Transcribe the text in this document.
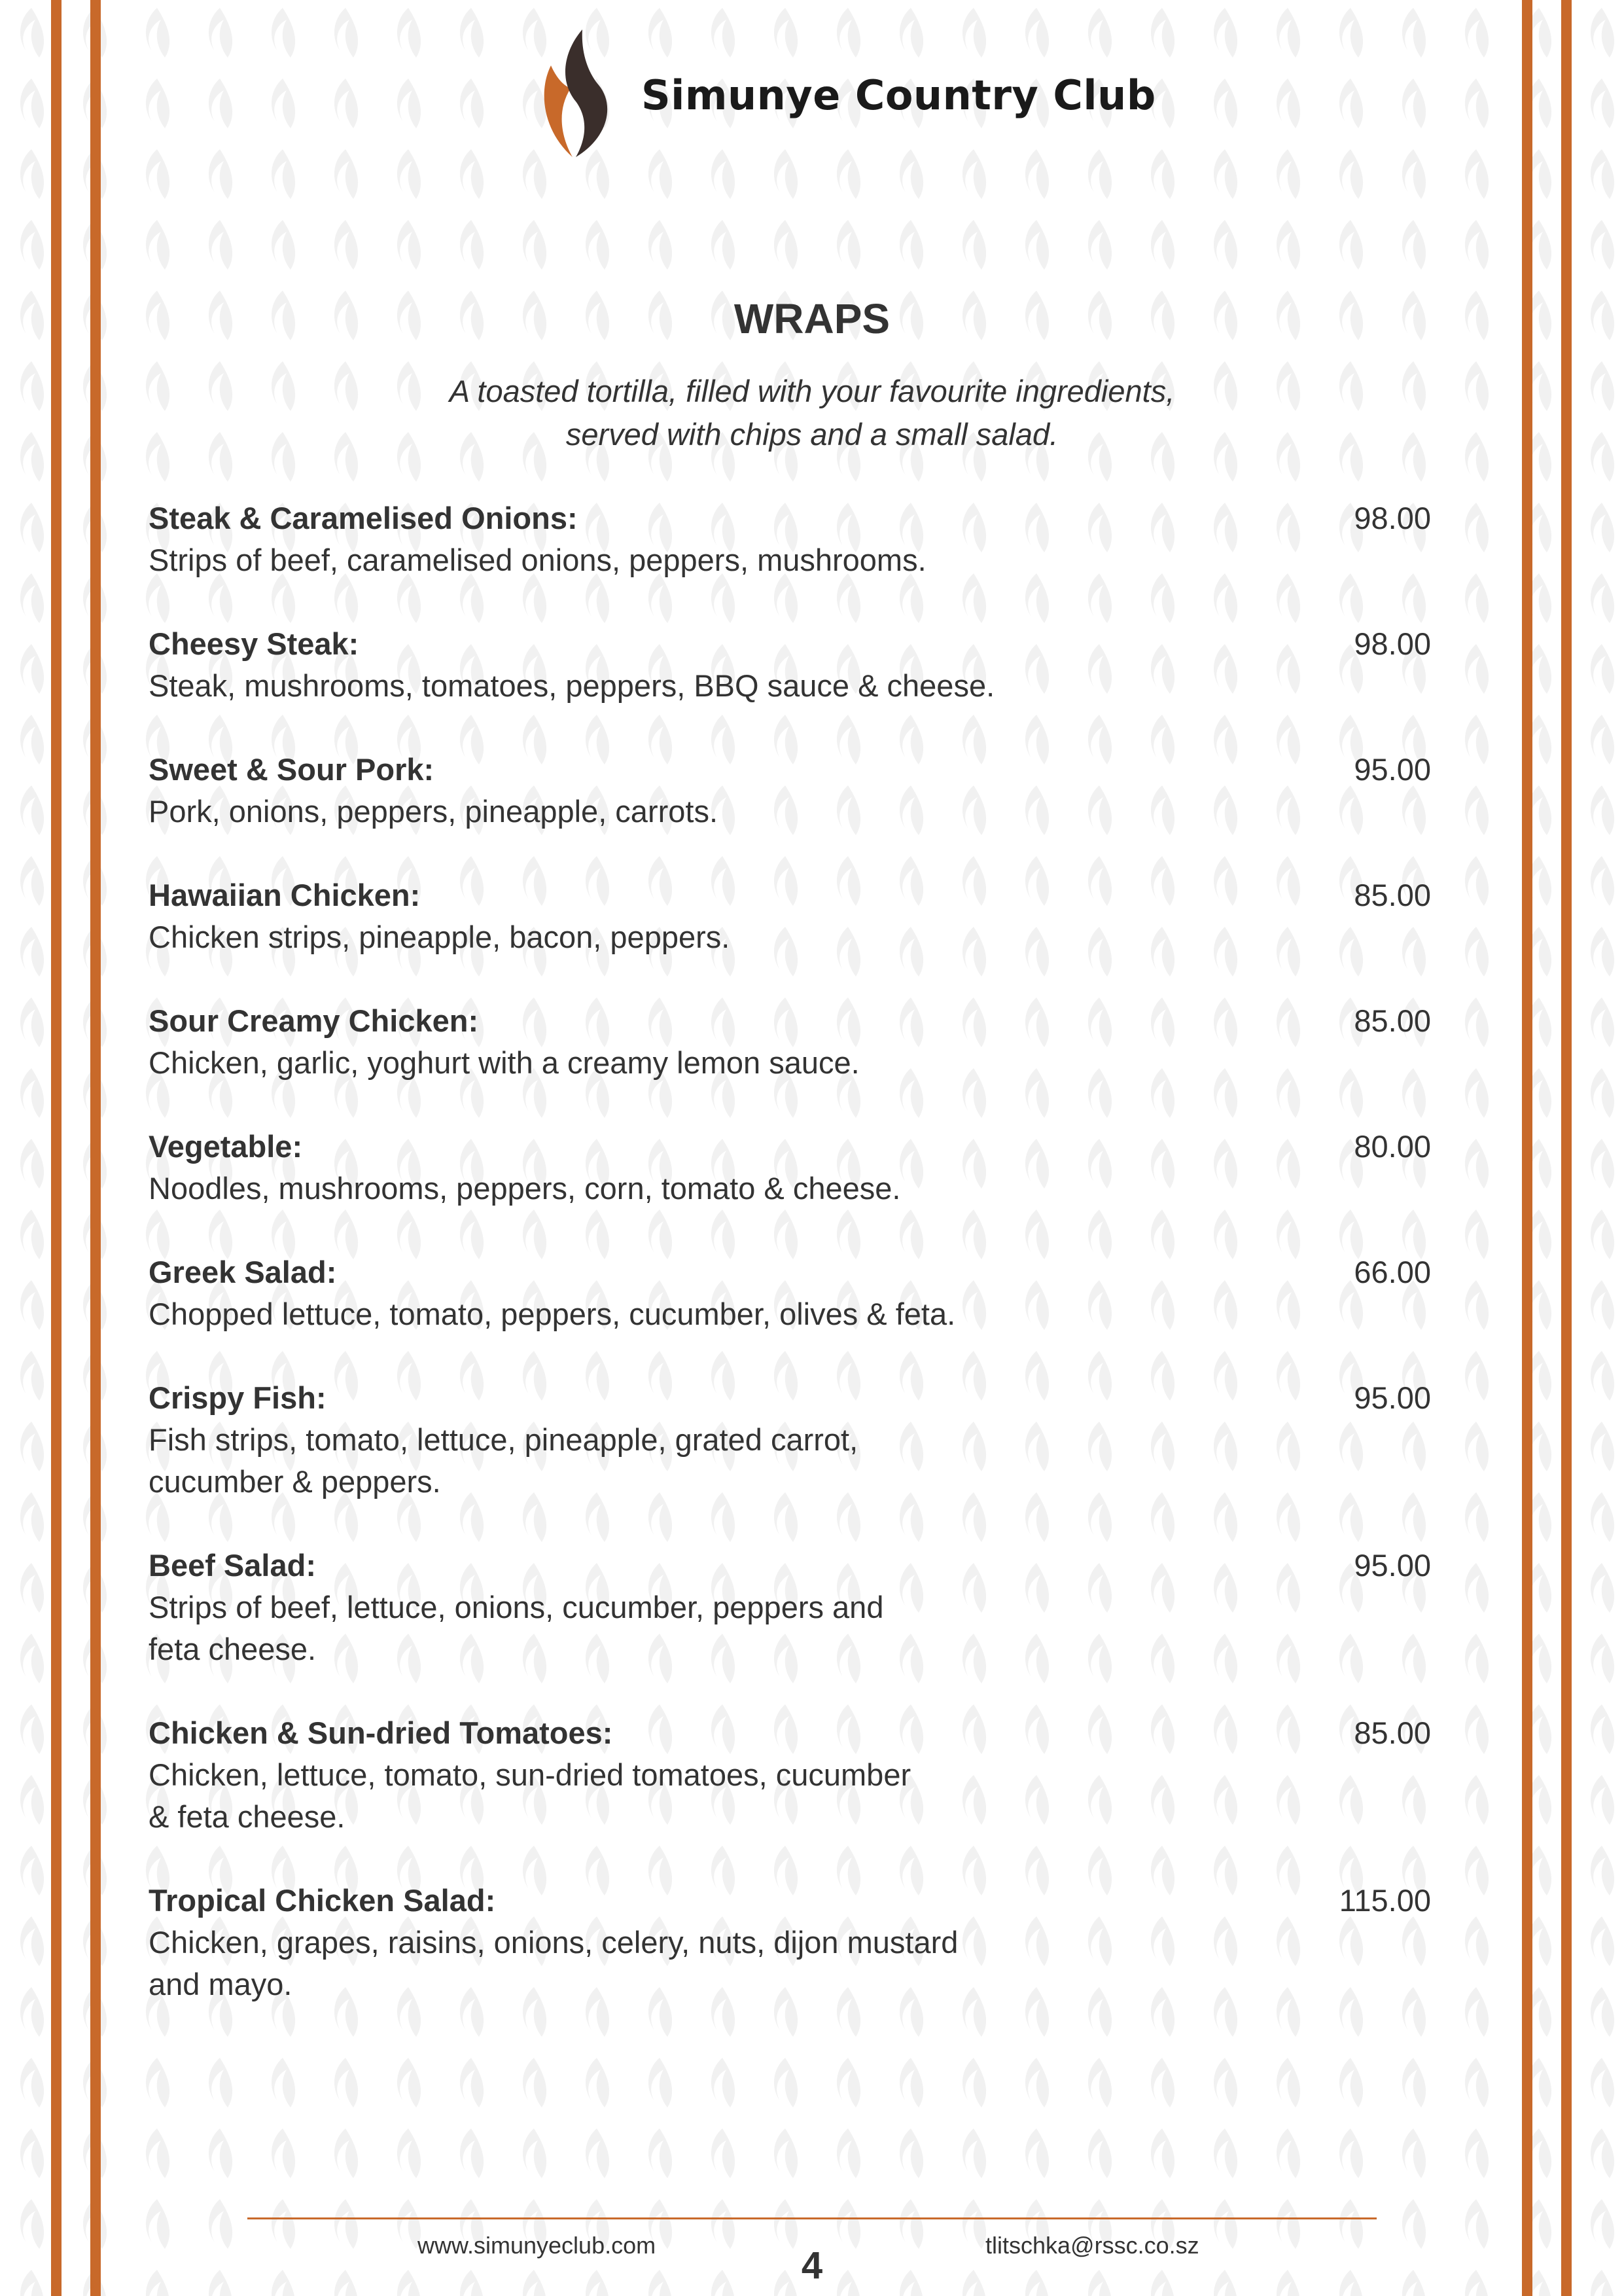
Simunye Country Club
WRAPS
A toasted tortilla, filled with your favourite ingredients,
served with chips and a small salad.
Steak & Caramelised Onions:	98.00
Strips of beef, caramelised onions, peppers, mushrooms.
Cheesy Steak:	98.00
Steak, mushrooms, tomatoes, peppers, BBQ sauce & cheese.
Sweet & Sour Pork:	95.00
Pork, onions, peppers, pineapple, carrots.
Hawaiian Chicken:	85.00
Chicken strips, pineapple, bacon, peppers.
Sour Creamy Chicken:	85.00
Chicken, garlic, yoghurt with a creamy lemon sauce.
Vegetable:	80.00
Noodles, mushrooms, peppers, corn, tomato & cheese.
Greek Salad:	66.00
Chopped lettuce, tomato, peppers, cucumber, olives & feta.
Crispy Fish:	95.00
Fish strips, tomato, lettuce, pineapple, grated carrot,
cucumber & peppers.
Beef Salad:	95.00
Strips of beef, lettuce, onions, cucumber, peppers and
feta cheese.
Chicken & Sun-dried Tomatoes:	85.00
Chicken, lettuce, tomato, sun-dried tomatoes, cucumber
& feta cheese.
Tropical Chicken Salad:	115.00
Chicken, grapes, raisins, onions, celery, nuts, dijon mustard
and mayo.
www.simunyeclub.com	4	tlitschka@rssc.co.sz
